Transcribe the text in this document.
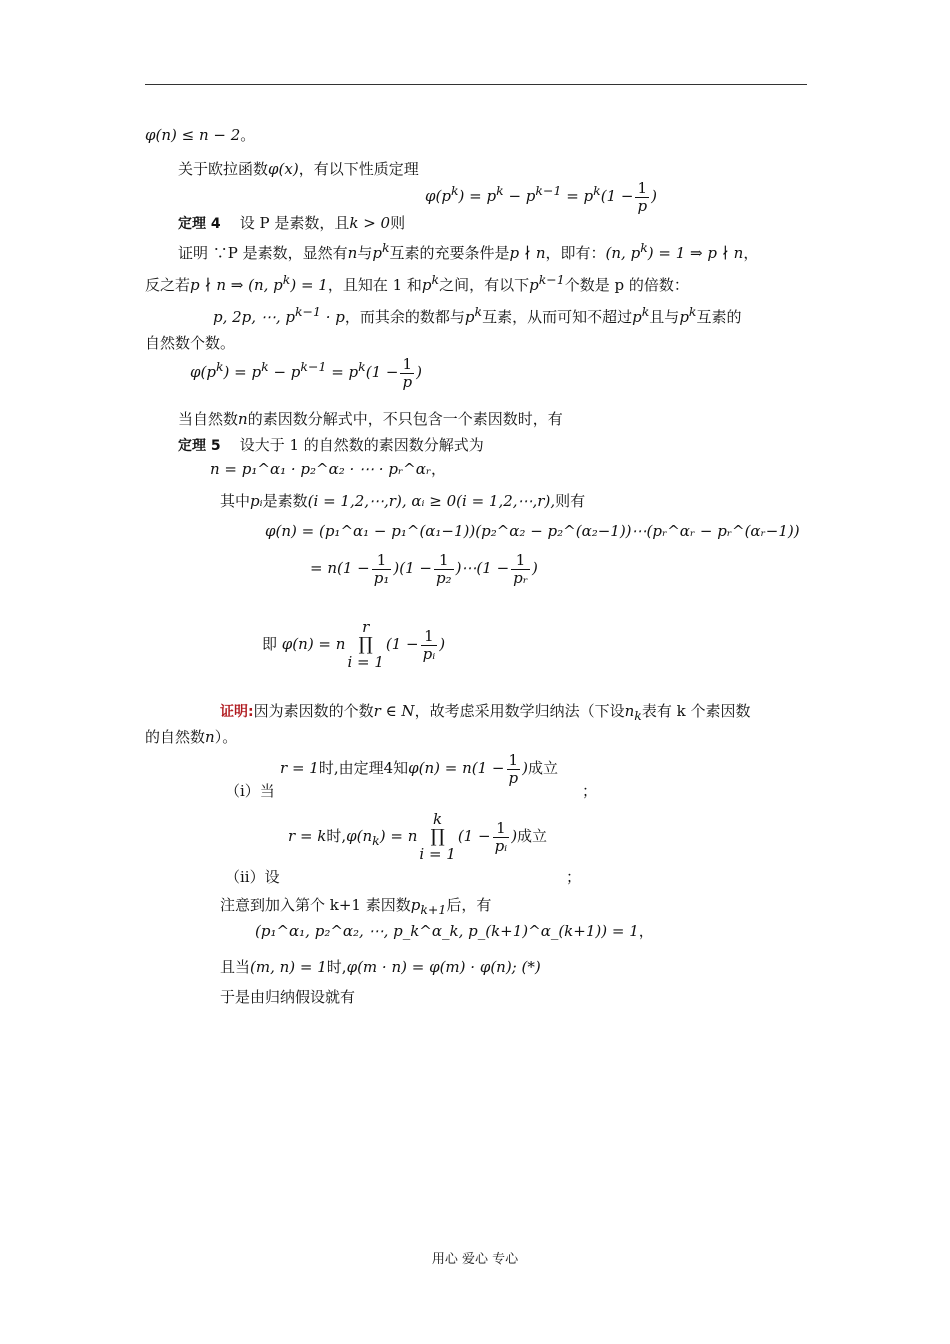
φ(n) ≤ n − 2。
关于欧拉函数φ(x)，有以下性质定理
$\varphi(p^k) = p^k - p^{k-1} = p^k(1 - \frac{1}{p}$ )
定理 4 设 P 是素数，且k > 0则
证明 ∵P 是素数，显然有n与$p^k$互素的充要条件是p ∤ n，即有：(n, $p^k) = 1$ ⇒ p ∤ n，
反之若p ∤ n ⇒ (n, $p^k) = 1$，且知在 1 和$p^k$之间，有以下$p^{k-1}$个数是 p 的倍数：
p, 2p, ⋯, $p^{k-1} \cdot p$，而其余的数都与$p^k$互素，从而可知不超过$p^k$且与$p^k$互素的
自然数个数。
$\varphi(p^k) = p^k - p^{k-1} = p^k(1 - \frac{1}{p}$ )
当自然数n的素因数分解式中，不只包含一个素因数时，有
定理 5 设大于 1 的自然数的素因数分解式为
n = p₁^α₁ · p₂^α₂ · ⋯ · pᵣ^αᵣ，
其中pᵢ是素数(i = 1,2,⋯,r), αᵢ ≥ 0(i = 1,2,⋯,r),则有
φ(n) = (p₁^α₁ − p₁^(α₁−1))(p₂^α₂ − p₂^(α₂−1))⋯(pᵣ^αᵣ − pᵣ^(αᵣ−1))
= $n(1 - \frac{1}{\text{p₁}} )(1 - \frac{1}{\text{p₂}}$ )⋯(1 − $\frac{1}{\text{pᵣ}}$ )
即 φ(n) = n
r
∏
i = 1
($1 - \frac{1}{\text{pᵢ}}$ )
证明:因为素因数的个数r ∈ N，故考虑采用数学归纳法（下设$n_k$表有 k 个素因数
的自然数n）。
r = 1时,由定理4知$\varphi(n) = n(1 - \frac{1}{p}$ )成立
（i）当	；
r = k时$,\varphi(n_k) = n$
k
∏
i = 1
($1 - \frac{1}{\text{pᵢ}}$ )成立
（ii）设	；
注意到加入第个 k+1 素因数$p_{k+1}$后，有
(p₁^α₁, p₂^α₂, ⋯, p_k^α_k, p_(k+1)^α_(k+1)) = 1，
且当(m, n) = 1时,φ(m · n) = φ(m) · φ(n); (*)
于是由归纳假设就有
用心 爱心 专心
